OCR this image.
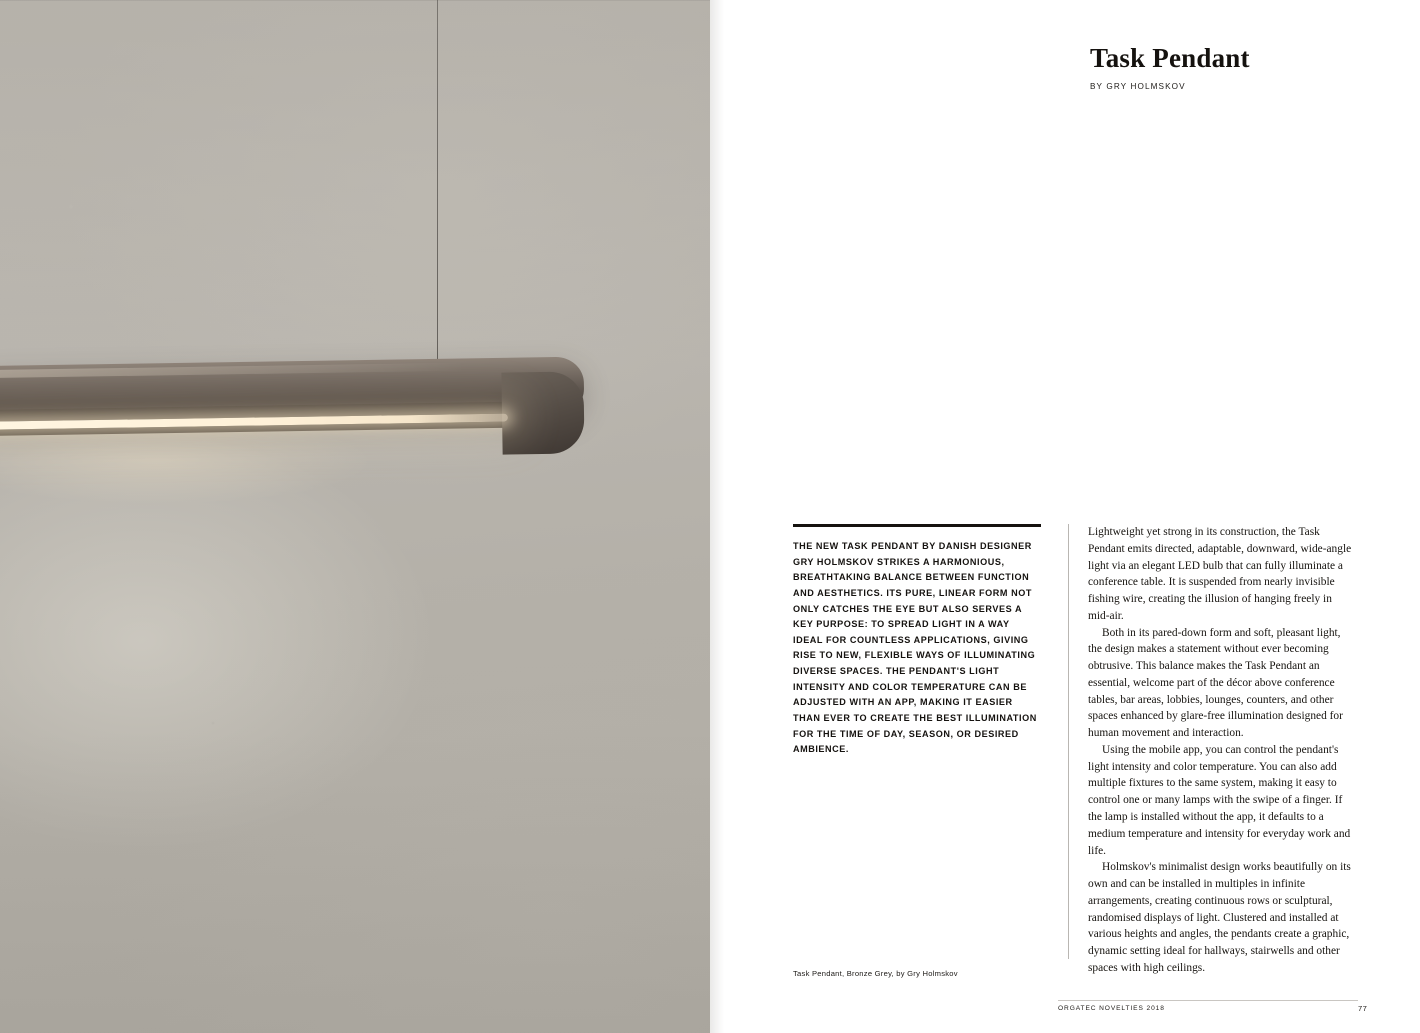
Task Pendant
BY GRY HOLMSKOV
THE NEW TASK PENDANT BY DANISH DESIGNER GRY HOLMSKOV STRIKES A HARMONIOUS, BREATHTAKING BALANCE BETWEEN FUNCTION AND AESTHETICS. ITS PURE, LINEAR FORM NOT ONLY CATCHES THE EYE BUT ALSO SERVES A KEY PURPOSE: TO SPREAD LIGHT IN A WAY IDEAL FOR COUNTLESS APPLICATIONS, GIVING RISE TO NEW, FLEXIBLE WAYS OF ILLUMINATING DIVERSE SPACES. THE PENDANT'S LIGHT INTENSITY AND COLOR TEMPERATURE CAN BE ADJUSTED WITH AN APP, MAKING IT EASIER THAN EVER TO CREATE THE BEST ILLUMINATION FOR THE TIME OF DAY, SEASON, OR DESIRED AMBIENCE.
Task Pendant, Bronze Grey, by Gry Holmskov

Lightweight yet strong in its construction, the Task Pendant emits directed, adaptable, downward, wide-angle light via an elegant LED bulb that can fully illuminate a conference table. It is suspended from nearly invisible fishing wire, creating the illusion of hanging freely in mid-air.

Both in its pared-down form and soft, pleasant light, the design makes a statement without ever becoming obtrusive. This balance makes the Task Pendant an essential, welcome part of the décor above conference tables, bar areas, lobbies, lounges, counters, and other spaces enhanced by glare-free illumination designed for human movement and interaction.

Using the mobile app, you can control the pendant's light intensity and color temperature. You can also add multiple fixtures to the same system, making it easy to control one or many lamps with the swipe of a finger. If the lamp is installed without the app, it defaults to a medium temperature and intensity for everyday work and life.

Holmskov's minimalist design works beautifully on its own and can be installed in multiples in infinite arrangements, creating continuous rows or sculptural, randomised displays of light. Clustered and installed at various heights and angles, the pendants create a graphic, dynamic setting ideal for hallways, stairwells and other spaces with high ceilings.

ORGATEC NOVELTIES 2018	77
